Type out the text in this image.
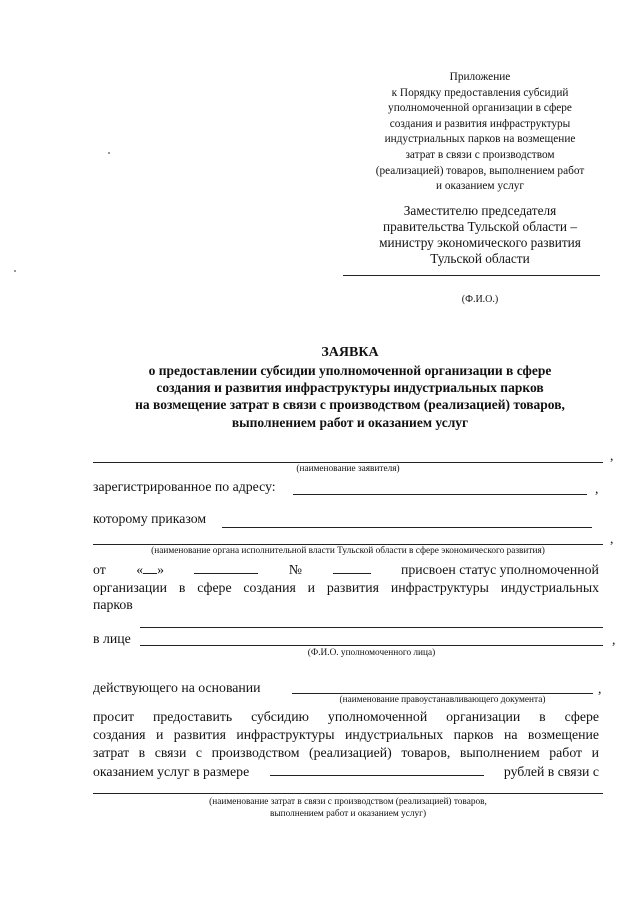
Приложение
к Порядку предоставления субсидий
уполномоченной организации в сфере
создания и развития инфраструктуры
индустриальных парков на возмещение
затрат в связи с производством
(реализацией) товаров, выполнением работ
и оказанием услуг
Заместителю председателя
правительства Тульской области –
министру экономического развития
Тульской области
(Ф.И.О.)
ЗАЯВКА
о предоставлении субсидии уполномоченной организации в сфере
создания и развития инфраструктуры индустриальных парков
на возмещение затрат в связи с производством (реализацией) товаров,
выполнением работ и оказанием услуг
,
(наименование заявителя)
зарегистрированное по адресу:	,
которому приказом
,
(наименование органа исполнительной власти Тульской области в сфере экономического развития)
от « »	№	присвоен статус уполномоченной
организации в сфере создания и развития инфраструктуры индустриальных
парков
в лице	,
(Ф.И.О. уполномоченного лица)
действующего на основании	,
(наименование правоустанавливающего документа)
просит предоставить субсидию уполномоченной организации в сфере
создания и развития инфраструктуры индустриальных парков на возмещение
затрат в связи с производством (реализацией) товаров, выполнением работ и
оказанием услуг в размере	рублей в связи с
(наименование затрат в связи с производством (реализацией) товаров,
выполнением работ и оказанием услуг)
